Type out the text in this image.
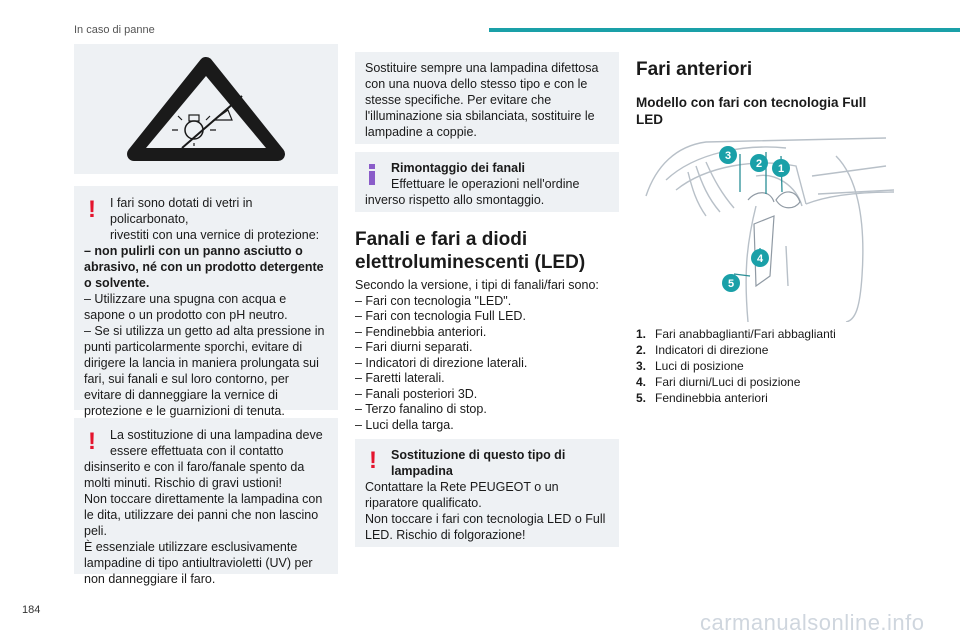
In caso di panne
!	I fari sono dotati di vetri in policarbonato,

rivestiti con una vernice di protezione:

– non pulirli con un panno asciutto o abrasivo, né con un prodotto detergente o solvente.

– Utilizzare una spugna con acqua e sapone o un prodotto con pH neutro.

– Se si utilizza un getto ad alta pressione in punti particolarmente sporchi, evitare di dirigere la lancia in maniera prolungata sui fari, sui fanali e sul loro contorno, per evitare di danneggiare la vernice di protezione e le guarnizioni di tenuta.

!	La sostituzione di una lampadina deve

essere effettuata con il contatto

disinserito e con il faro/fanale spento da molti minuti. Rischio di gravi ustioni!

Non toccare direttamente la lampadina con le dita, utilizzare dei panni che non lascino peli.

È essenziale utilizzare esclusivamente lampadine di tipo antiultravioletti (UV) per non danneggiare il faro.

Sostituire sempre una lampadina difettosa con una nuova dello stesso tipo e con le stesse specifiche. Per evitare che l'illuminazione sia sbilanciata, sostituire le lampadine a coppie.

Rimontaggio dei fanali

Effettuare le operazioni nell'ordine

inverso rispetto allo smontaggio.

Fanali e fari a diodi elettroluminescenti (LED)
Secondo la versione, i tipi di fanali/fari sono:
– Fari con tecnologia "LED".
– Fari con tecnologia Full LED.
– Fendinebbia anteriori.
– Fari diurni separati.
– Indicatori di direzione laterali.
– Faretti laterali.
– Fanali posteriori 3D.
– Terzo fanalino di stop.
– Luci della targa.
!	Sostituzione di questo tipo di

lampadina

Contattare la Rete PEUGEOT o un riparatore qualificato.

Non toccare i fari con tecnologia LED o Full LED. Rischio di folgorazione!

Fari anteriori
Modello con fari con tecnologia Full LED
1
2
3
4
5
1. Fari anabbaglianti/Fari abbaglianti
2. Indicatori di direzione
3. Luci di posizione
4. Fari diurni/Luci di posizione
5. Fendinebbia anteriori
184	carmanualsonline.info
